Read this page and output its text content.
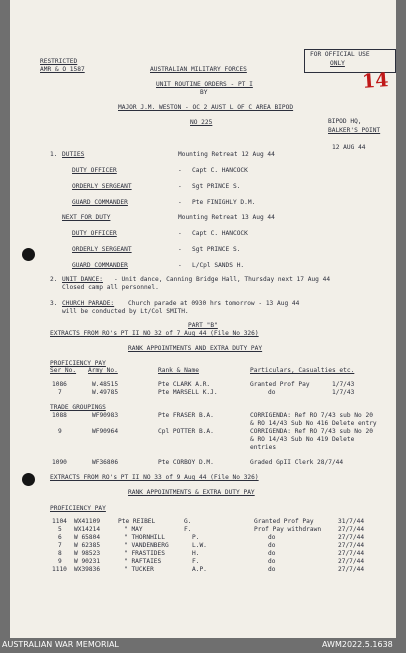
RESTRICTED
AMR & O 1587	AUSTRALIAN MILITARY FORCES
UNIT ROUTINE ORDERS - PT I
BY
MAJOR J.M. WESTON - OC 2 AUST L OF C AREA BIPOD
NO 225
FOR OFFICIAL USE
ONLY
14
BIPOD HQ,
BALKER'S POINT
12 AUG 44
1. DUTIES	Mounting Retreat 12 Aug 44
DUTY OFFICER	- Capt C. HANCOCK
ORDERLY SERGEANT	- Sgt PRINCE S.
GUARD COMMANDER	- Pte FINIGHLY D.M.
NEXT FOR DUTY	Mounting Retreat 13 Aug 44
DUTY OFFICER	- Capt C. HANCOCK
ORDERLY SERGEANT	- Sgt PRINCE S.
GUARD COMMANDER	- L/Cpl SANDS H.
2. UNIT DANCE: - Unit dance, Canning Bridge Hall, Thursday next 17 Aug 44
Closed camp all personnel.
3. CHURCH PARADE: Church parade at 0930 hrs tomorrow - 13 Aug 44
will be conducted by Lt/Col SMITH.
PART "B"
EXTRACTS FROM RO's PT II NO 32 of 7 Aug 44 (File No 326)
RANK APPOINTMENTS AND EXTRA DUTY PAY
PROFICIENCY PAY
Ser No. Army No.	Rank & Name	Particulars, Casualties etc.
1086	W.48515	Pte CLARK A.R.	Granted Prof Pay	1/7/43
7	W.49785	Pte MARSELL K.J.	do	1/7/43
TRADE GROUPINGS
1088	WF90983	Pte FRASER B.A.	CORRIGENDA: Ref RO 7/43 sub No 20
& RO 14/43 Sub No 416 Delete entry
9	WF90964	Cpl POTTER B.A.	CORRIGENDA: Ref RO 7/43 sub No 20
& RO 14/43 Sub No 419 Delete
entries
1090	WF36806	Pte CORBOY D.M.	Graded GpII Clerk 28/7/44
EXTRACTS FROM RO's PT II NO 33 of 9 Aug 44 (File No 326)
RANK APPOINTMENTS & EXTRA DUTY PAY
PROFICIENCY PAY
1104 WX41109	Pte REIBEL	G.	Granted Prof Pay	31/7/44
5 WX14214	" MAY	F.	Prof Pay withdrawn	27/7/44
6 W 65804	" THORNHILL	P.	do	27/7/44
7 W 62385	" VANDENBERG	L.W.	do	27/7/44
8 W 98523	" FRASTIDES	H.	do	27/7/44
9 W 90231	" RAFTAIES	F.	do	27/7/44
1110 WX39836	" TUCKER	A.P.	do	27/7/44
AUSTRALIAN WAR MEMORIAL	AWM2022.5.1638
